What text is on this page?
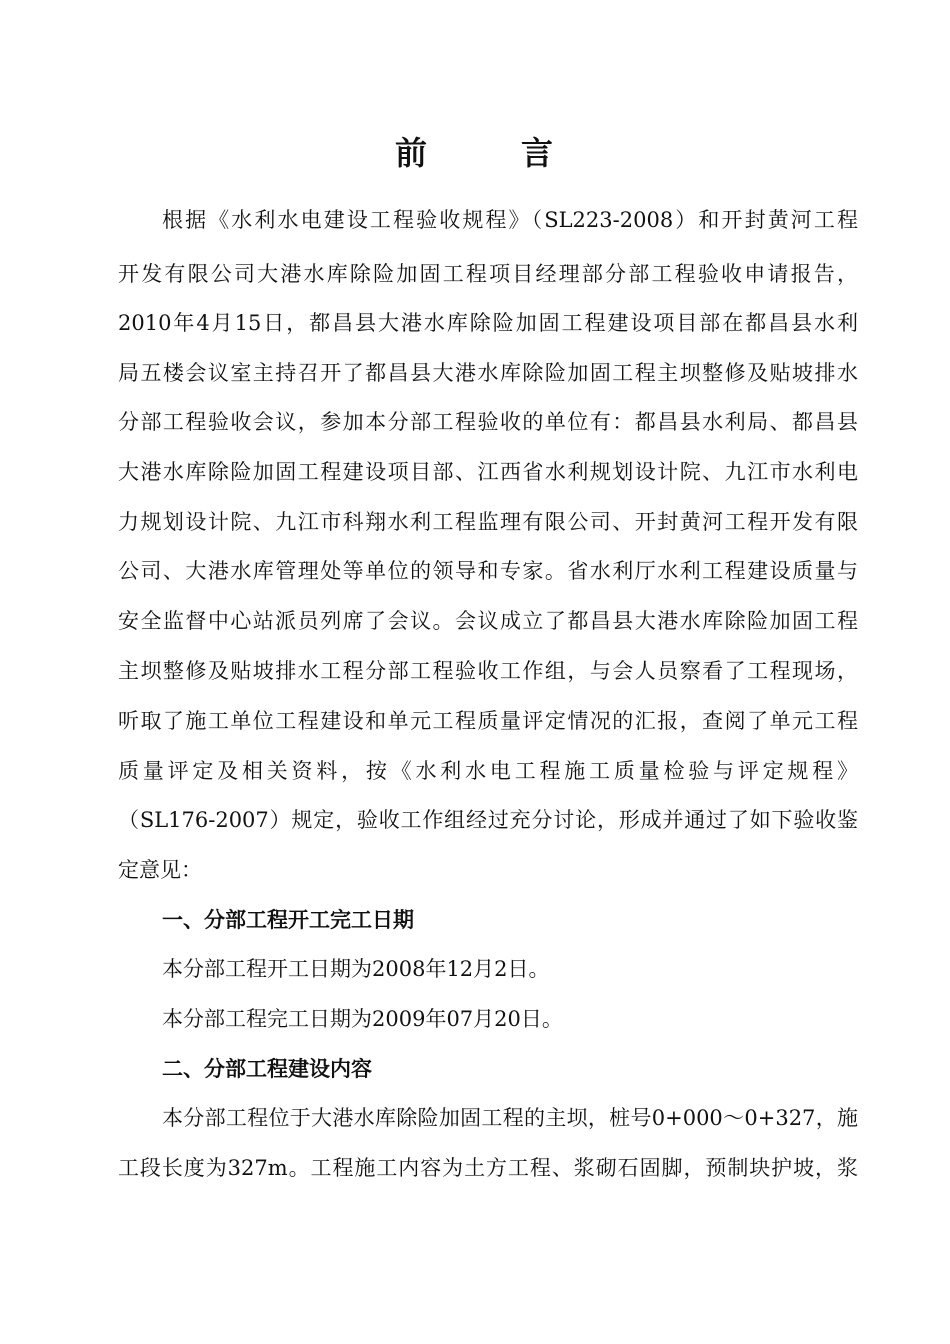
前	言
根据《水利水电建设工程验收规程》（SL223-2008）和开封黄河工程
开发有限公司大港水库除险加固工程项目经理部分部工程验收申请报告，
2010年4月15日，都昌县大港水库除险加固工程建设项目部在都昌县水利
局五楼会议室主持召开了都昌县大港水库除险加固工程主坝整修及贴坡排水
分部工程验收会议，参加本分部工程验收的单位有：都昌县水利局、都昌县
大港水库除险加固工程建设项目部、江西省水利规划设计院、九江市水利电
力规划设计院、九江市科翔水利工程监理有限公司、开封黄河工程开发有限
公司、大港水库管理处等单位的领导和专家。省水利厅水利工程建设质量与
安全监督中心站派员列席了会议。会议成立了都昌县大港水库除险加固工程
主坝整修及贴坡排水工程分部工程验收工作组，与会人员察看了工程现场，
听取了施工单位工程建设和单元工程质量评定情况的汇报，查阅了单元工程
质量评定及相关资料，按《水利水电工程施工质量检验与评定规程》
（SL176-2007）规定，验收工作组经过充分讨论，形成并通过了如下验收鉴
定意见：
一、分部工程开工完工日期
本分部工程开工日期为2008年12月2日。
本分部工程完工日期为2009年07月20日。
二、分部工程建设内容
本分部工程位于大港水库除险加固工程的主坝，桩号0+000～0+327，施
工段长度为327m。工程施工内容为土方工程、浆砌石固脚，预制块护坡，浆
